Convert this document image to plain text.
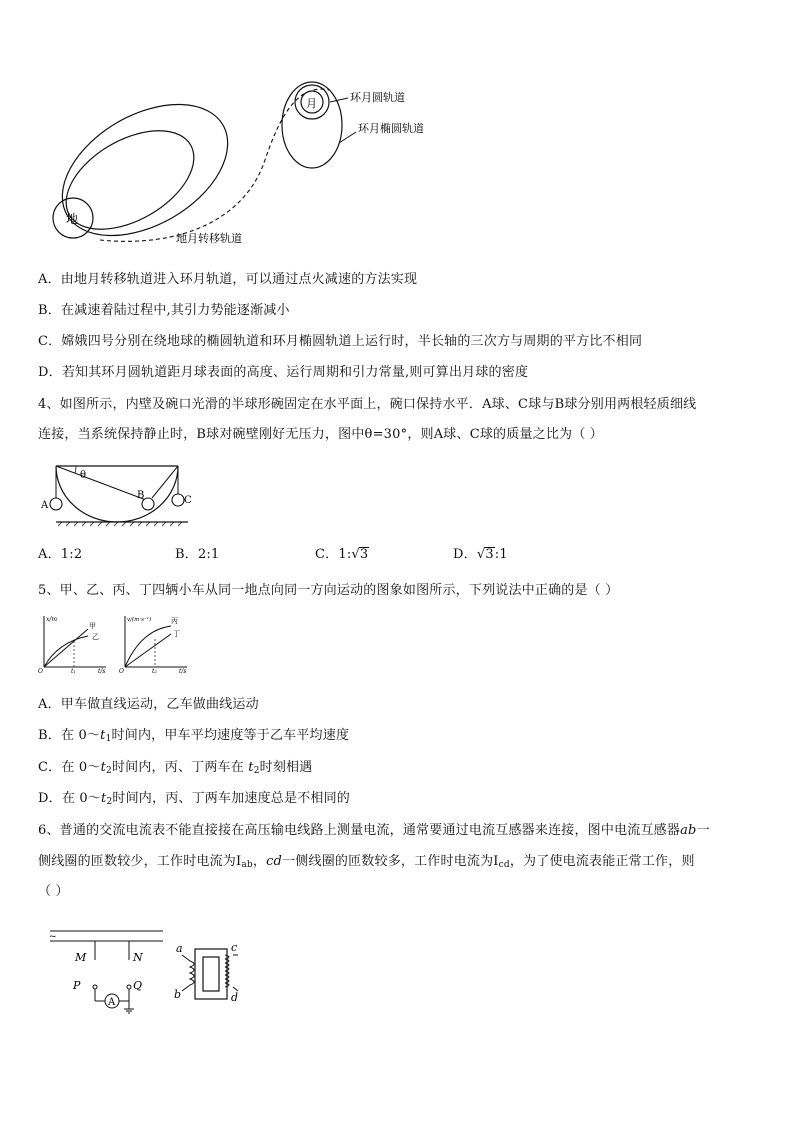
地
月	环月圆轨道
环月椭圆轨道
地月转移轨道
A．由地月转移轨道进入环月轨道，可以通过点火减速的方法实现
B．在减速着陆过程中,其引力势能逐渐减小
C．嫦娥四号分别在绕地球的椭圆轨道和环月椭圆轨道上运行时，半长轴的三次方与周期的平方比不相同
D．若知其环月圆轨道距月球表面的高度、运行周期和引力常量,则可算出月球的密度
4、如图所示，内壁及碗口光滑的半球形碗固定在水平面上，碗口保持水平．A球、C球与B球分别用两根轻质细线
连接，当系统保持静止时，B球对碗壁刚好无压力，图中θ=30°，则A球、C球的质量之比为（ ）
θ
A
B	C
A．1:2	B．2:1	C．1:√3	D．√3:1
5、甲、乙、丙、丁四辆小车从同一地点向同一方向运动的图象如图所示，下列说法中正确的是（ ）
x/m
t/s
O	t₁
甲
乙
v/(m·s⁻¹)
t/s
O	t₂
丙
丁
A．甲车做直线运动，乙车做曲线运动
B．在 $0\sim t_1$时间内，甲车平均速度等于乙车平均速度
C．在 $0\sim t_2$时间内，丙、丁两车在 $t_2$时刻相遇
D．在 $0\sim t_2$时间内，丙、丁两车加速度总是不相同的
6、普通的交流电流表不能直接接在高压输电线路上测量电流，通常要通过电流互感器来连接，图中电流互感器ab一
侧线圈的匝数较少，工作时电流为$I_{ab}$，cd一侧线圈的匝数较多，工作时电流为$I_{cd}$，为了使电流表能正常工作，则
（ ）
~
M	N
P	Q
A
a
b
c
d
